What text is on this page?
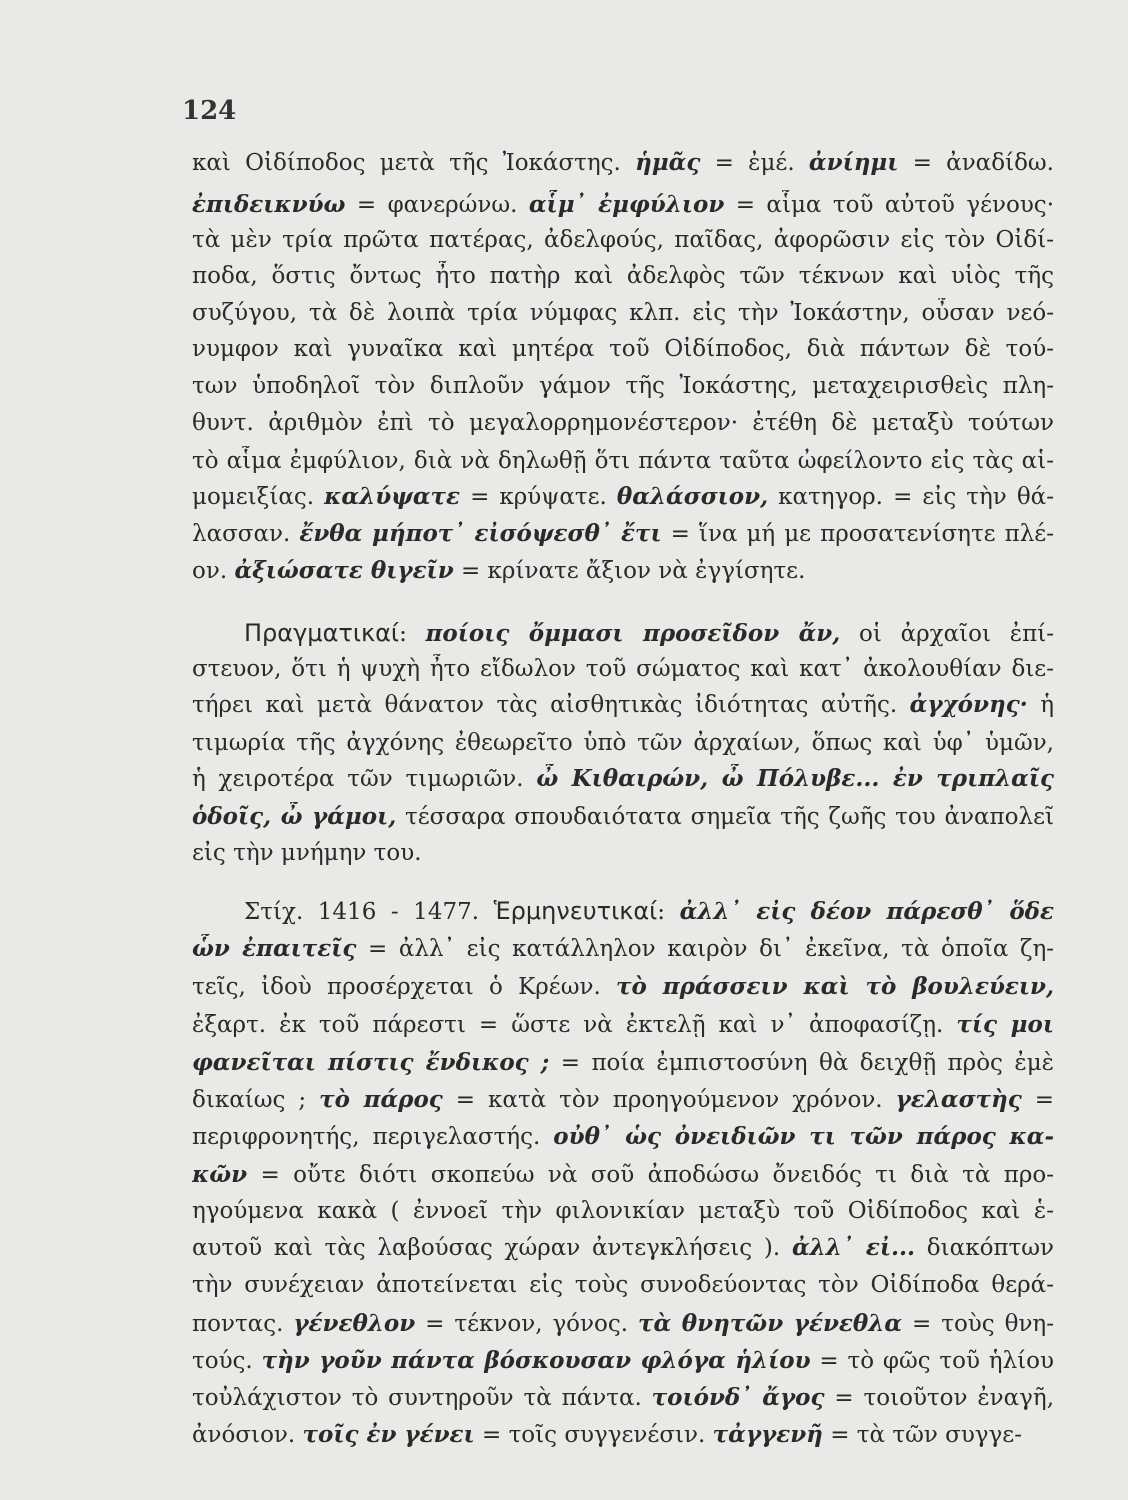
124
καὶ Οἰδίποδος μετὰ τῆς Ἰοκάστης. ἡμᾶς = ἐμέ. ἀνίημι = ἀναδίδω.
ἐπιδεικνύω = φανερώνω. αἷμ᾽ ἐμφύλιον = αἷμα τοῦ αὐτοῦ γένους·
τὰ μὲν τρία πρῶτα πατέρας, ἀδελφούς, παῖδας, ἀφορῶσιν εἰς τὸν Οἰδί-
ποδα, ὅστις ὄντως ἦτο πατὴρ καὶ ἀδελφὸς τῶν τέκνων καὶ υἱὸς τῆς
συζύγου, τὰ δὲ λοιπὰ τρία νύμφας κλπ. εἰς τὴν Ἰοκάστην, οὖσαν νεό-
νυμφον καὶ γυναῖκα καὶ μητέρα τοῦ Οἰδίποδος, διὰ πάντων δὲ τού-
των ὑποδηλοῖ τὸν διπλοῦν γάμον τῆς Ἰοκάστης, μεταχειρισθεὶς πλη-
θυντ. ἀριθμὸν ἐπὶ τὸ μεγαλορρημονέστερον· ἐτέθη δὲ μεταξὺ τούτων
τὸ αἷμα ἐμφύλιον, διὰ νὰ δηλωθῇ ὅτι πάντα ταῦτα ὠφείλοντο εἰς τὰς αἱ-
μομειξίας. καλύψατε = κρύψατε. θαλάσσιον, κατηγορ. = εἰς τὴν θά-
λασσαν. ἔνθα μήποτ᾽ εἰσόψεσθ᾽ ἔτι = ἵνα μή με προσατενίσητε πλέ-
ον. ἀξιώσατε θιγεῖν = κρίνατε ἄξιον νὰ ἐγγίσητε.
Πραγματικαί: ποίοις ὄμμασι προσεῖδον ἄν, οἱ ἀρχαῖοι ἐπί-
στευον, ὅτι ἡ ψυχὴ ἦτο εἴδωλον τοῦ σώματος καὶ κατ᾽ ἀκολουθίαν διε-
τήρει καὶ μετὰ θάνατον τὰς αἰσθητικὰς ἰδιότητας αὐτῆς. ἀγχόνης· ἡ
τιμωρία τῆς ἀγχόνης ἐθεωρεῖτο ὑπὸ τῶν ἀρχαίων, ὅπως καὶ ὑφ᾽ ὑμῶν,
ἡ χειροτέρα τῶν τιμωριῶν. ὦ Κιθαιρών, ὦ Πόλυβε... ἐν τριπλαῖς
ὁδοῖς, ὦ γάμοι, τέσσαρα σπουδαιότατα σημεῖα τῆς ζωῆς του ἀναπολεῖ
εἰς τὴν μνήμην του.
Στίχ. 1416 - 1477. Ἑρμηνευτικαί: ἀλλ᾽ εἰς δέον πάρεσθ᾽ ὅδε
ὧν ἐπαιτεῖς = ἀλλ᾽ εἰς κατάλληλον καιρὸν δι᾽ ἐκεῖνα, τὰ ὁποῖα ζη-
τεῖς, ἰδοὺ προσέρχεται ὁ Κρέων. τὸ πράσσειν καὶ τὸ βουλεύειν,
ἐξαρτ. ἐκ τοῦ πάρεστι = ὥστε νὰ ἐκτελῇ καὶ ν᾽ ἀποφασίζῃ. τίς μοι
φανεῖται πίστις ἔνδικος ; = ποία ἐμπιστοσύνη θὰ δειχθῇ πρὸς ἐμὲ
δικαίως ; τὸ πάρος = κατὰ τὸν προηγούμενον χρόνον. γελαστὴς =
περιφρονητής, περιγελαστής. οὐθ᾽ ὡς ὀνειδιῶν τι τῶν πάρος κα-
κῶν = οὔτε διότι σκοπεύω νὰ σοῦ ἀποδώσω ὄνειδός τι διὰ τὰ προ-
ηγούμενα κακὰ ( ἐννοεῖ τὴν φιλονικίαν μεταξὺ τοῦ Οἰδίποδος καὶ ἑ-
αυτοῦ καὶ τὰς λαβούσας χώραν ἀντεγκλήσεις ). ἀλλ᾽ εἰ... διακόπτων
τὴν συνέχειαν ἀποτείνεται εἰς τοὺς συνοδεύοντας τὸν Οἰδίποδα θερά-
ποντας. γένεθλον = τέκνον, γόνος. τὰ θνητῶν γένεθλα = τοὺς θνη-
τούς. τὴν γοῦν πάντα βόσκουσαν φλόγα ἡλίου = τὸ φῶς τοῦ ἡλίου
τοὐλάχιστον τὸ συντηροῦν τὰ πάντα. τοιόνδ᾽ ἄγος = τοιοῦτον ἐναγῆ,
ἀνόσιον. τοῖς ἐν γένει = τοῖς συγγενέσιν. τἀγγενῆ = τὰ τῶν συγγε-
